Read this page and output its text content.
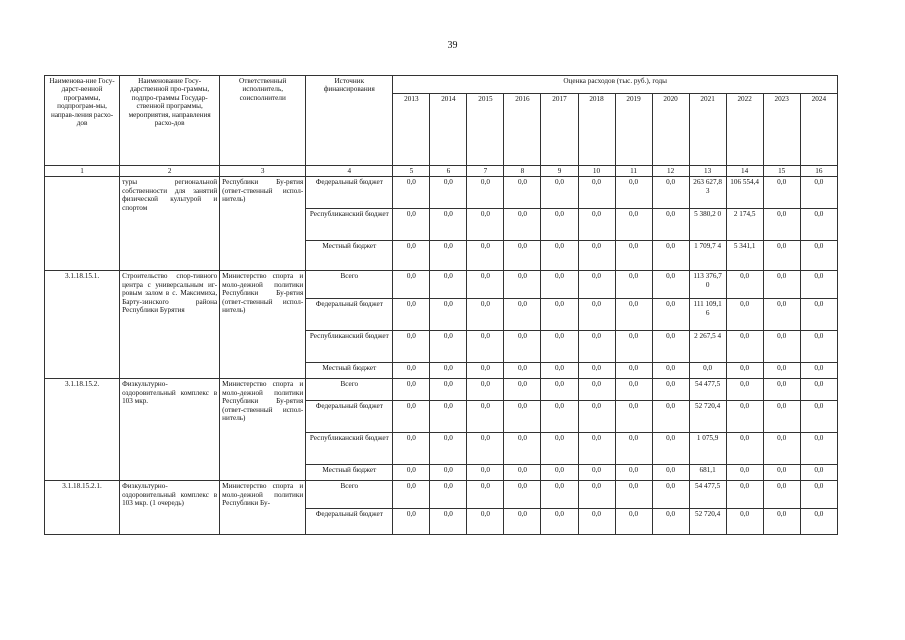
39
Наименова-ние Госу-дарст-венной программы, подпрограм-мы, направ-ления расхо-дов	Наименование Госу-дарственной про-граммы, подпро-граммы Государ-ственной программы, мероприятия, направления расхо-дов	Ответственный исполнитель, соисполнители	Источник финансирования	Оценка расходов (тыс. руб.), годы											
				2013	2014	2015	2016	2017	2018	2019	2020	2021	2022	2023	2024
1	2	3	4	5	6	7	8	9	10	11	12	13	14	15	16
	туры региональной собственности для занятий физической культурой и спортом	Республики Бу-рятия (ответ-ственный испол-нитель)	Федеральный бюджет	0,0	0,0	0,0	0,0	0,0	0,0	0,0	0,0	263 627,8 3	106 554,4	0,0	0,0
			Республиканский бюджет	0,0	0,0	0,0	0,0	0,0	0,0	0,0	0,0	5 380,2 0	2 174,5	0,0	0,0
			Местный бюджет	0,0	0,0	0,0	0,0	0,0	0,0	0,0	0,0	1 709,7 4	5 341,1	0,0	0,0
3.1.18.15.1.	Строительство спор-тивного центра с универсальным иг-ровым залом в с. Максимиха, Барту-зинского района Республики Бурятия	Министерство спорта и моло-дежной политики Республики Бу-рятия (ответ-ственный испол-нитель)	Всего	0,0	0,0	0,0	0,0	0,0	0,0	0,0	0,0	113 376,7 0	0,0	0,0	0,0
			Федеральный бюджет	0,0	0,0	0,0	0,0	0,0	0,0	0,0	0,0	111 109,1 6	0,0	0,0	0,0
			Республиканский бюджет	0,0	0,0	0,0	0,0	0,0	0,0	0,0	0,0	2 267,5 4	0,0	0,0	0,0
			Местный бюджет	0,0	0,0	0,0	0,0	0,0	0,0	0,0	0,0	0,0	0,0	0,0	0,0
3.1.18.15.2.	Физкультурно-оздоровительный комплекс в 103 мкр.	Министерство спорта и моло-дежной политики Республики Бу-рятия (ответ-ственный испол-нитель)	Всего	0,0	0,0	0,0	0,0	0,0	0,0	0,0	0,0	54 477,5	0,0	0,0	0,0
			Федеральный бюджет	0,0	0,0	0,0	0,0	0,0	0,0	0,0	0,0	52 720,4	0,0	0,0	0,0
			Республиканский бюджет	0,0	0,0	0,0	0,0	0,0	0,0	0,0	0,0	1 075,9	0,0	0,0	0,0
			Местный бюджет	0,0	0,0	0,0	0,0	0,0	0,0	0,0	0,0	681,1	0,0	0,0	0,0
3.1.18.15.2.1.	Физкультурно-оздоровительный комплекс в 103 мкр. (1 очередь)	Министерство спорта и моло-дежной политики Республики Бу-	Всего	0,0	0,0	0,0	0,0	0,0	0,0	0,0	0,0	54 477,5	0,0	0,0	0,0
			Федеральный бюджет	0,0	0,0	0,0	0,0	0,0	0,0	0,0	0,0	52 720,4	0,0	0,0	0,0
